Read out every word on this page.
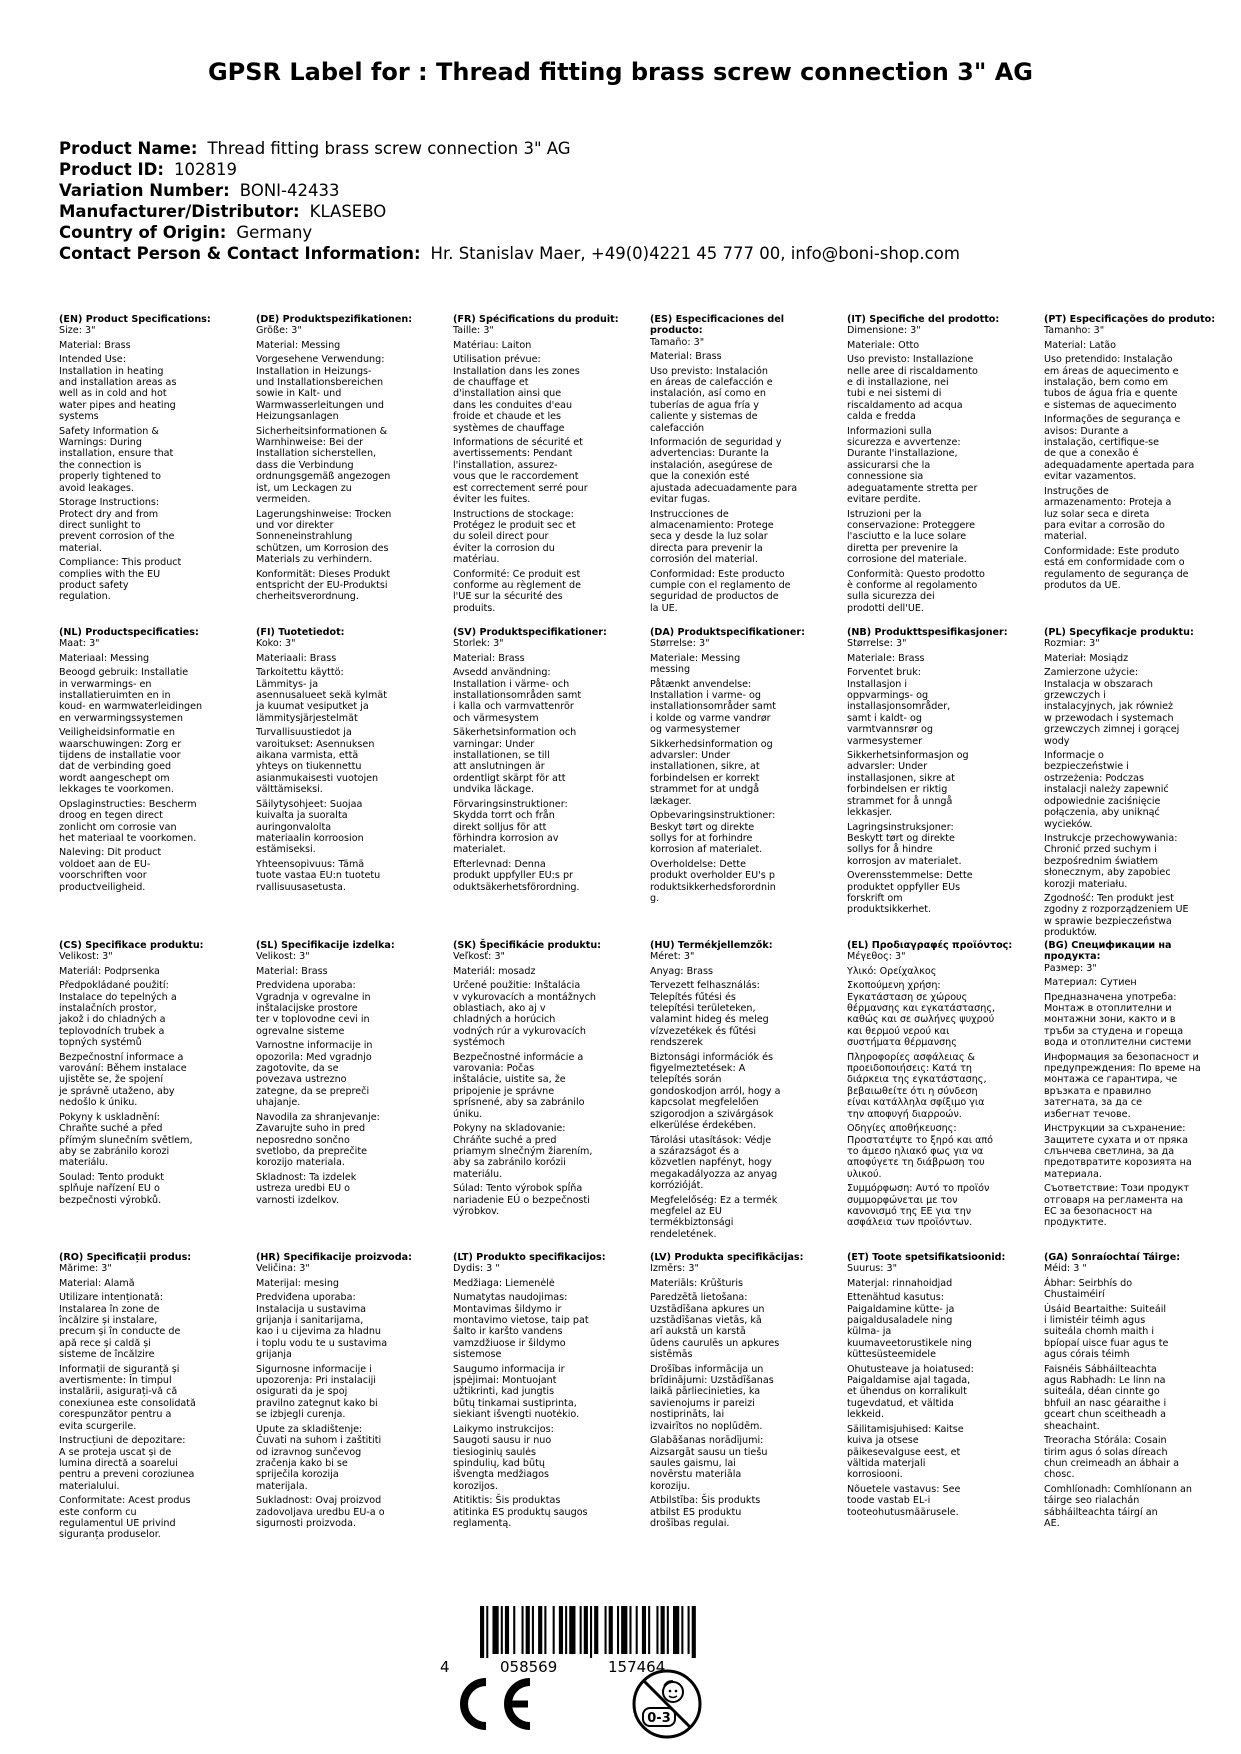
GPSR Label for : Thread fitting brass screw connection 3" AG
Product Name: Thread fitting brass screw connection 3" AG
Product ID: 102819
Variation Number: BONI-42433
Manufacturer/Distributor: KLASEBO
Country of Origin: Germany
Contact Person & Contact Information: Hr. Stanislav Maer, +49(0)4221 45 777 00, info@boni-shop.com
(EN) Product Specifications:
Size: 3"
Material: Brass
Intended Use:
Installation in heating
and installation areas as
well as in cold and hot
water pipes and heating
systems
Safety Information &
Warnings: During
installation, ensure that
the connection is
properly tightened to
avoid leakages.
Storage Instructions:
Protect dry and from
direct sunlight to
prevent corrosion of the
material.
Compliance: This product
complies with the EU
product safety
regulation.
(DE) Produktspezifikationen:
Größe: 3"
Material: Messing
Vorgesehene Verwendung:
Installation in Heizungs-
und Installationsbereichen
sowie in Kalt- und
Warmwasserleitungen und
Heizungsanlagen
Sicherheitsinformationen &
Warnhinweise: Bei der
Installation sicherstellen,
dass die Verbindung
ordnungsgemäß angezogen
ist, um Leckagen zu
vermeiden.
Lagerungshinweise: Trocken
und vor direkter
Sonneneinstrahlung
schützen, um Korrosion des
Materials zu verhindern.
Konformität: Dieses Produkt
entspricht der EU-Produktsi
cherheitsverordnung.
(FR) Spécifications du produit:
Taille: 3"
Matériau: Laiton
Utilisation prévue:
Installation dans les zones
de chauffage et
d'installation ainsi que
dans les conduites d'eau
froide et chaude et les
systèmes de chauffage
Informations de sécurité et
avertissements: Pendant
l'installation, assurez-
vous que le raccordement
est correctement serré pour
éviter les fuites.
Instructions de stockage:
Protégez le produit sec et
du soleil direct pour
éviter la corrosion du
matériau.
Conformité: Ce produit est
conforme au règlement de
l'UE sur la sécurité des
produits.
(ES) Especificaciones del producto:
Tamaño: 3"
Material: Brass
Uso previsto: Instalación
en áreas de calefacción e
instalación, así como en
tuberías de agua fría y
caliente y sistemas de
calefacción
Información de seguridad y
advertencias: Durante la
instalación, asegúrese de
que la conexión esté
ajustada adecuadamente para
evitar fugas.
Instrucciones de
almacenamiento: Protege
seca y desde la luz solar
directa para prevenir la
corrosión del material.
Conformidad: Este producto
cumple con el reglamento de
seguridad de productos de
la UE.
(IT) Specifiche del prodotto:
Dimensione: 3"
Materiale: Otto
Uso previsto: Installazione
nelle aree di riscaldamento
e di installazione, nei
tubi e nei sistemi di
riscaldamento ad acqua
calda e fredda
Informazioni sulla
sicurezza e avvertenze:
Durante l'installazione,
assicurarsi che la
connessione sia
adeguatamente stretta per
evitare perdite.
Istruzioni per la
conservazione: Proteggere
l'asciutto e la luce solare
diretta per prevenire la
corrosione del materiale.
Conformità: Questo prodotto
è conforme al regolamento
sulla sicurezza dei
prodotti dell'UE.
(PT) Especificações do produto:
Tamanho: 3"
Material: Latão
Uso pretendido: Instalação
em áreas de aquecimento e
instalação, bem como em
tubos de água fria e quente
e sistemas de aquecimento
Informações de segurança e
avisos: Durante a
instalação, certifique-se
de que a conexão é
adequadamente apertada para
evitar vazamentos.
Instruções de
armazenamento: Proteja a
luz solar seca e direta
para evitar a corrosão do
material.
Conformidade: Este produto
está em conformidade com o
regulamento de segurança de
produtos da UE.
(NL) Productspecificaties:
Maat: 3"
Materiaal: Messing
Beoogd gebruik: Installatie
in verwarmings- en
installatieruimten en in
koud- en warmwaterleidingen
en verwarmingssystemen
Veiligheidsinformatie en
waarschuwingen: Zorg er
tijdens de installatie voor
dat de verbinding goed
wordt aangeschept om
lekkages te voorkomen.
Opslaginstructies: Bescherm
droog en tegen direct
zonlicht om corrosie van
het materiaal te voorkomen.
Naleving: Dit product
voldoet aan de EU-
voorschriften voor
productveiligheid.
(FI) Tuotetiedot:
Koko: 3"
Materiaali: Brass
Tarkoitettu käyttö:
Lämmitys- ja
asennusalueet sekä kylmät
ja kuumat vesiputket ja
lämmitysjärjestelmät
Turvallisuustiedot ja
varoitukset: Asennuksen
aikana varmista, että
yhteys on tiukennettu
asianmukaisesti vuotojen
välttämiseksi.
Säilytysohjeet: Suojaa
kuivalta ja suoralta
auringonvalolta
materiaalin korroosion
estämiseksi.
Yhteensopivuus: Tämä
tuote vastaa EU:n tuotetu
rvallisuusasetusta.
(SV) Produktspecifikationer:
Storlek: 3"
Material: Brass
Avsedd användning:
Installation i värme- och
installationsområden samt
i kalla och varmvattenrör
och värmesystem
Säkerhetsinformation och
varningar: Under
installationen, se till
att anslutningen är
ordentligt skärpt för att
undvika läckage.
Förvaringsinstruktioner:
Skydda torrt och från
direkt solljus för att
förhindra korrosion av
materialet.
Efterlevnad: Denna
produkt uppfyller EU:s pr
oduktsäkerhetsförordning.
(DA) Produktspecifikationer:
Størrelse: 3"
Materiale: Messing
messing
Påtænkt anvendelse:
Installation i varme- og
installationsområder samt
i kolde og varme vandrør
og varmesystemer
Sikkerhedsinformation og
advarsler: Under
installationen, sikre, at
forbindelsen er korrekt
strammet for at undgå
lækager.
Opbevaringsinstruktioner:
Beskyt tørt og direkte
sollys for at forhindre
korrosion af materialet.
Overholdelse: Dette
produkt overholder EU's p
roduktsikkerhedsforordnin
g.
(NB) Produkttspesifikasjoner:
Størrelse: 3"
Materiale: Brass
Forventet bruk:
Installasjon i
oppvarmings- og
installasjonsområder,
samt i kaldt- og
varmtvannsrør og
varmesystemer
Sikkerhetsinformasjon og
advarsler: Under
installasjonen, sikre at
forbindelsen er riktig
strammet for å unngå
lekkasjer.
Lagringsinstruksjoner:
Beskytt tørt og direkte
sollys for å hindre
korrosjon av materialet.
Overensstemmelse: Dette
produktet oppfyller EUs
forskrift om
produktsikkerhet.
(PL) Specyfikacje produktu:
Rozmiar: 3"
Materiał: Mosiądz
Zamierzone użycie:
Instalacja w obszarach
grzewczych i
instalacyjnych, jak również
w przewodach i systemach
grzewczych zimnej i gorącej
wody
Informacje o
bezpieczeństwie i
ostrzeżenia: Podczas
instalacji należy zapewnić
odpowiednie zaciśnięcie
połączenia, aby uniknąć
wycieków.
Instrukcje przechowywania:
Chronić przed suchym i
bezpośrednim światłem
słonecznym, aby zapobiec
korozji materiału.
Zgodność: Ten produkt jest
zgodny z rozporządzeniem UE
w sprawie bezpieczeństwa
produktów.
(CS) Specifikace produktu:
Velikost: 3"
Materiál: Podprsenka
Předpokládané použití:
Instalace do tepelných a
instalačních prostor,
jakož i do chladných a
teplovodních trubek a
topných systémů
Bezpečnostní informace a
varování: Během instalace
ujistěte se, že spojení
je správně utaženo, aby
nedošlo k úniku.
Pokyny k uskladnění:
Chraňte suché a před
přímým slunečním světlem,
aby se zabránilo korozi
materiálu.
Soulad: Tento produkt
splňuje nařízení EU o
bezpečnosti výrobků.
(SL) Specifikacije izdelka:
Velikost: 3"
Material: Brass
Predvidena uporaba:
Vgradnja v ogrevalne in
inštalacijske prostore
ter v toplovodne cevi in
ogrevalne sisteme
Varnostne informacije in
opozorila: Med vgradnjo
zagotovite, da se
povezava ustrezno
zategne, da se prepreči
uhajanje.
Navodila za shranjevanje:
Zavarujte suho in pred
neposredno sončno
svetlobo, da preprečite
korozijo materiala.
Skladnost: Ta izdelek
ustreza uredbi EU o
varnosti izdelkov.
(SK) Špecifikácie produktu:
Veľkosť: 3"
Materiál: mosadz
Určené použitie: Inštalácia
v vykurovacích a montážnych
oblastiach, ako aj v
chladných a horúcich
vodných rúr a vykurovacích
systémoch
Bezpečnostné informácie a
varovania: Počas
inštalácie, uistite sa, že
pripojenie je správne
sprísnené, aby sa zabránilo
úniku.
Pokyny na skladovanie:
Chráňte suché a pred
priamym slnečným žiarením,
aby sa zabránilo korózii
materiálu.
Súlad: Tento výrobok spĺňa
nariadenie EÚ o bezpečnosti
výrobkov.
(HU) Termékjellemzők:
Méret: 3"
Anyag: Brass
Tervezett felhasználás:
Telepítés fűtési és
telepítési területeken,
valamint hideg és meleg
vízvezetékek és fűtési
rendszerek
Biztonsági információk és
figyelmeztetések: A
telepítés során
gondoskodjon arról, hogy a
kapcsolat megfelelően
szigorodjon a szivárgások
elkerülése érdekében.
Tárolási utasítások: Védje
a szárazságot és a
közvetlen napfényt, hogy
megakadályozza az anyag
korrózióját.
Megfelelőség: Ez a termék
megfelel az EU
termékbiztonsági
rendeletének.
(EL) Προδιαγραφές προϊόντος:
Μέγεθος: 3"
Υλικό: Ορείχαλκος
Σκοπούμενη χρήση:
Εγκατάσταση σε χώρους
θέρμανσης και εγκατάστασης,
καθώς και σε σωλήνες ψυχρού
και θερμού νερού και
συστήματα θέρμανσης
Πληροφορίες ασφάλειας &
προειδοποιήσεις: Κατά τη
διάρκεια της εγκατάστασης,
βεβαιωθείτε ότι η σύνδεση
είναι κατάλληλα σφίξιμο για
την αποφυγή διαρροών.
Οδηγίες αποθήκευσης:
Προστατέψτε το ξηρό και από
το άμεσο ηλιακό φως για να
αποφύγετε τη διάβρωση του
υλικού.
Συμμόρφωση: Αυτό το προϊόν
συμμορφώνεται με τον
κανονισμό της ΕΕ για την
ασφάλεια των προϊόντων.
(BG) Спецификации на продукта:
Размер: 3"
Материал: Сутиен
Предназначена употреба:
Монтаж в отоплителни и
монтажни зони, както и в
тръби за студена и гореща
вода и отоплителни системи
Информация за безопасност и
предупреждения: По време на
монтажа се гарантира, че
връзката е правилно
затегната, за да се
избегнат течове.
Инструкции за съхранение:
Защитете сухата и от пряка
слънчева светлина, за да
предотвратите корозията на
материала.
Съответствие: Този продукт
отговаря на регламента на
ЕС за безопасност на
продуктите.
(RO) Specificații produs:
Mărime: 3"
Material: Alamă
Utilizare intenționată:
Instalarea în zone de
încălzire și instalare,
precum și în conducte de
apă rece și caldă și
sisteme de încălzire
Informații de siguranță și
avertismente: În timpul
instalării, asigurați-vă că
conexiunea este consolidată
corespunzător pentru a
evita scurgerile.
Instrucțiuni de depozitare:
A se proteja uscat și de
lumina directă a soarelui
pentru a preveni coroziunea
materialului.
Conformitate: Acest produs
este conform cu
regulamentul UE privind
siguranța produselor.
(HR) Specifikacije proizvoda:
Veličina: 3"
Materijal: mesing
Predviđena uporaba:
Instalacija u sustavima
grijanja i sanitarijama,
kao i u cijevima za hladnu
i toplu vodu te u sustavima
grijanja
Sigurnosne informacije i
upozorenja: Pri instalaciji
osigurati da je spoj
pravilno zategnut kako bi
se izbjegli curenja.
Upute za skladištenje:
Čuvati na suhom i zaštititi
od izravnog sunčevog
zračenja kako bi se
spriječila korozija
materijala.
Sukladnost: Ovaj proizvod
zadovoljava uredbu EU-a o
sigurnosti proizvoda.
(LT) Produkto specifikacijos:
Dydis: 3 "
Medžiaga: Liemenėlė
Numatytas naudojimas:
Montavimas šildymo ir
montavimo vietose, taip pat
šalto ir karšto vandens
vamzdžiuose ir šildymo
sistemose
Saugumo informacija ir
įspėjimai: Montuojant
užtikrinti, kad jungtis
būtų tinkamai sustiprinta,
siekiant išvengti nuotėkio.
Laikymo instrukcijos:
Saugoti sausu ir nuo
tiesioginių saulės
spindulių, kad būtų
išvengta medžiagos
korozijos.
Atitiktis: Šis produktas
atitinka ES produktų saugos
reglamentą.
(LV) Produkta specifikācijas:
Izmērs: 3"
Materiāls: Krūšturis
Paredzētā lietošana:
Uzstādīšana apkures un
uzstādīšanas vietās, kā
arī aukstā un karstā
ūdens caurulēs un apkures
sistēmās
Drošības informācija un
brīdinājumi: Uzstādīšanas
laikā pārliecinieties, ka
savienojums ir pareizi
nostiprināts, lai
izvairītos no noplūdēm.
Glabāšanas norādījumi:
Aizsargāt sausu un tiešu
saules gaismu, lai
novērstu materiāla
koroziju.
Atbilstība: Šis produkts
atbilst ES produktu
drošības regulai.
(ET) Toote spetsifikatsioonid:
Suurus: 3"
Materjal: rinnahoidjad
Ettenähtud kasutus:
Paigaldamine kütte- ja
paigaldusaladele ning
külma- ja
kuumaveetorustikele ning
küttesüsteemidele
Ohutusteave ja hoiatused:
Paigaldamise ajal tagada,
et ühendus on korralikult
tugevdatud, et vältida
lekkeid.
Säilitamisjuhised: Kaitse
kuiva ja otsese
päikesevalguse eest, et
vältida materjali
korrosiooni.
Nõuetele vastavus: See
toode vastab EL-i
tooteohutusmäärusele.
(GA) Sonraíochtaí Táirge:
Méid: 3 "
Ábhar: Seirbhís do
Chustaiméirí
Úsáid Beartaithe: Suiteáil
i limistéir téimh agus
suiteála chomh maith i
bpíopaí uisce fuar agus te
agus córais téimh
Faisnéis Sábháilteachta
agus Rabhadh: Le linn na
suiteála, déan cinnte go
bhfuil an nasc géaraithe i
gceart chun sceitheadh a
sheachaint.
Treoracha Stórála: Cosain
tirim agus ó solas díreach
chun creimeadh an ábhair a
chosc.
Comhlíonadh: Comhlíonann an
táirge seo rialachán
sábháilteachta táirgí an
AE.
4	058569	157464
0-3
